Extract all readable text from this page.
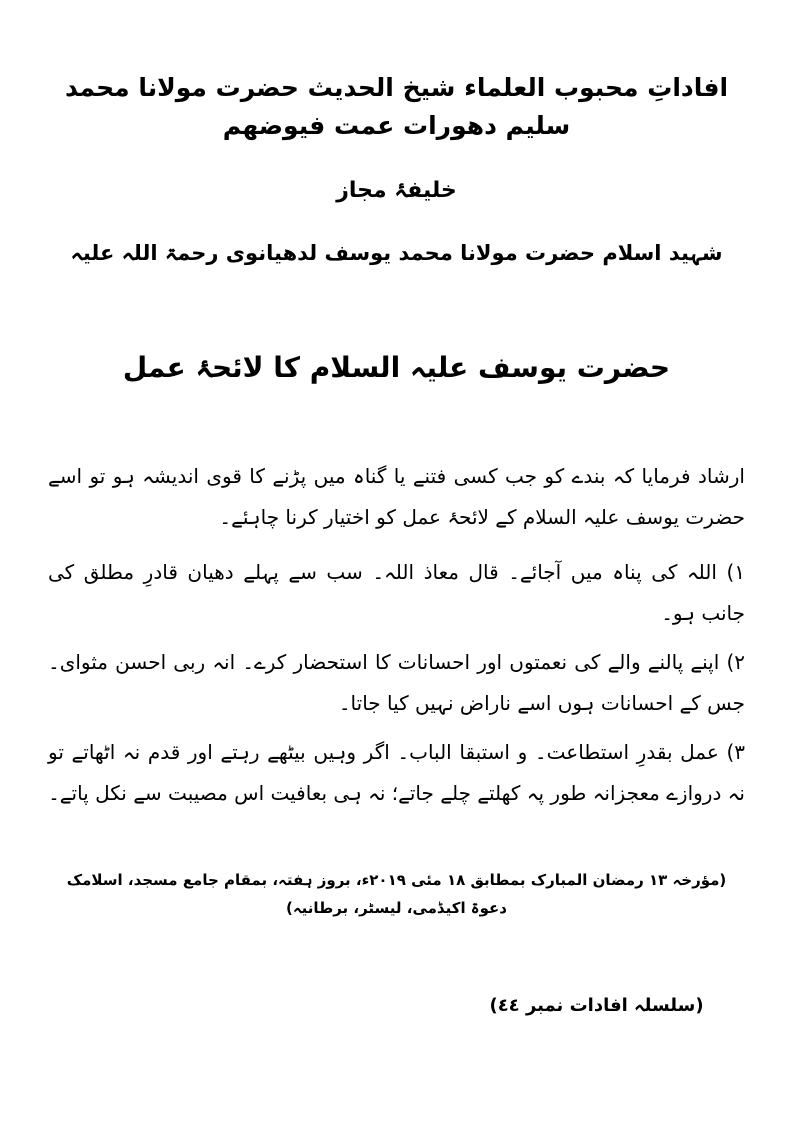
افاداتِ محبوب العلماء شیخ الحدیث حضرت مولانا محمد سلیم دھورات عمت فیوضھم
خلیفۂ مجاز
شہید اسلام حضرت مولانا محمد یوسف لدھیانوی رحمۃ اللہ علیہ
حضرت یوسف علیہ السلام کا لائحۂ عمل

ارشاد فرمایا کہ بندے کو جب کسی فتنے یا گناہ میں پڑنے کا قوی اندیشہ ہو تو اسے حضرت یوسف علیہ السلام کے لائحۂ عمل کو اختیار کرنا چاہئے۔

١) اللہ کی پناہ میں آجائے۔ قال معاذ اللہ۔ سب سے پہلے دھیان قادرِ مطلق کی جانب ہو۔

٢) اپنے پالنے والے کی نعمتوں اور احسانات کا استحضار کرے۔ انہ ربی احسن مثوای۔ جس کے احسانات ہوں اسے ناراض نہیں کیا جاتا۔

٣) عمل بقدرِ استطاعت۔ و استبقا الباب۔ اگر وہیں بیٹھے رہتے اور قدم نہ اٹھاتے تو نہ دروازے معجزانہ طور پہ کھلتے چلے جاتے؛ نہ ہی بعافیت اس مصیبت سے نکل پاتے۔

(مؤرخہ ١٣ رمضان المبارک بمطابق ١٨ مئی ٢٠١٩ء، بروز ہفتہ، بمقام جامع مسجد، اسلامک دعوۃ اکیڈمی، لیسٹر، برطانیہ)
(سلسلہ افادات نمبر ٤٤)
